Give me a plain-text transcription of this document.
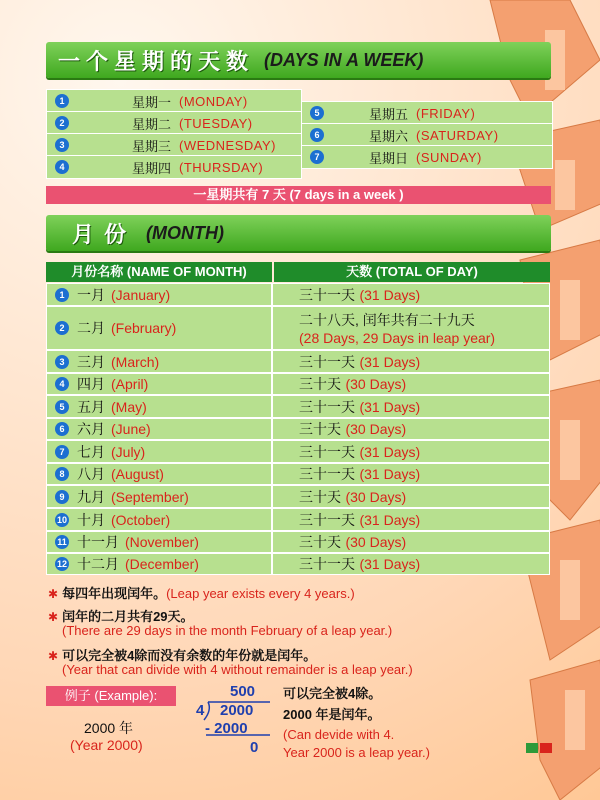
一个星期的天数 (DAYS IN A WEEK)
1	星期一 (MONDAY)
2	星期二 (TUESDAY)
3	星期三 (WEDNESDAY)
4	星期四 (THURSDAY)
5	星期五 (FRIDAY)
6	星期六 (SATURDAY)
7	星期日 (SUNDAY)
一星期共有 7 天 (7 days in a week )
月份 (MONTH)
月份名称 (NAME OF MONTH)	天数 (TOTAL OF DAY)
1 一月 (January)	三十一天 (31 Days)
2 二月 (February)	二十八天, 闰年共有二十九天
(28 Days, 29 Days in leap year)
3 三月 (March)	三十一天 (31 Days)
4 四月 (April)	三十天 (30 Days)
5 五月 (May)	三十一天 (31 Days)
6 六月 (June)	三十天 (30 Days)
7 七月 (July)	三十一天 (31 Days)
8 八月 (August)	三十一天 (31 Days)
9 九月 (September)	三十天 (30 Days)
10 十月 (October)	三十一天 (31 Days)
11 十一月 (November)	三十天 (30 Days)
12 十二月 (December)	三十一天 (31 Days)
✱ 每四年出现闰年。(Leap year exists every 4 years.)
✱ 闰年的二月共有29天。
(There are 29 days in the month February of a leap year.)
✱ 可以完全被4除而没有余数的年份就是闰年。
(Year that can divide with 4 without remainder is a leap year.)
例子 (Example):
2000 年
(Year 2000)
500
4 2000
- 2000
0
可以完全被4除。
2000 年是闰年。
(Can devide with 4.
Year 2000 is a leap year.)
